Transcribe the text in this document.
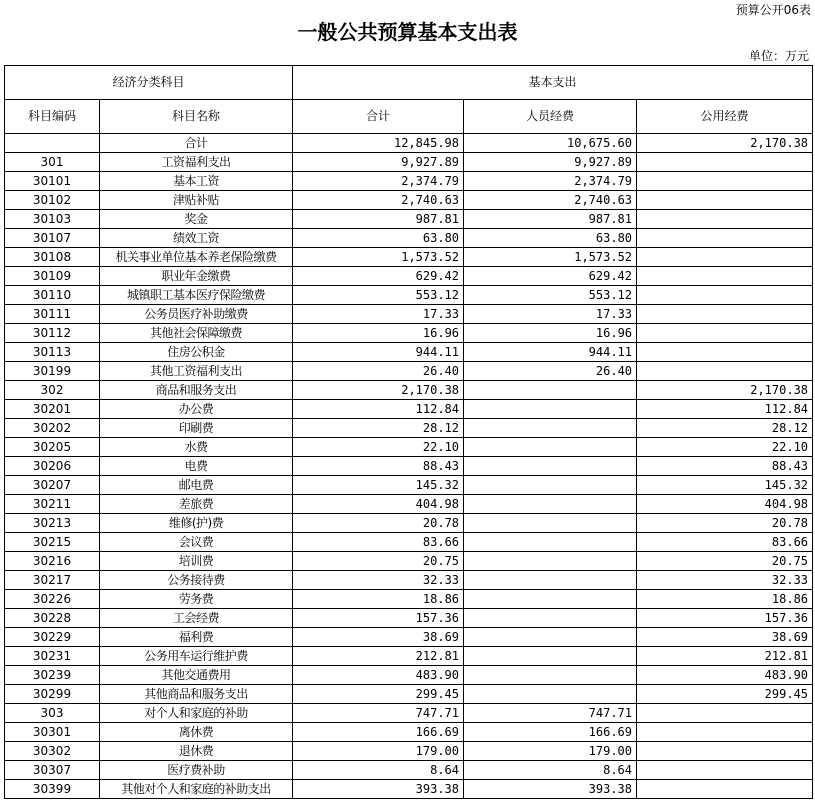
预算公开06表
一般公共预算基本支出表
单位：万元
经济分类科目		基本支出		
科目编码	科目名称	合计	人员经费	公用经费
	合计	12,845.98	10,675.60	2,170.38
301	工资福利支出	9,927.89	9,927.89	
30101	基本工资	2,374.79	2,374.79	
30102	津贴补贴	2,740.63	2,740.63	
30103	奖金	987.81	987.81	
30107	绩效工资	63.80	63.80	
30108	机关事业单位基本养老保险缴费	1,573.52	1,573.52	
30109	职业年金缴费	629.42	629.42	
30110	城镇职工基本医疗保险缴费	553.12	553.12	
30111	公务员医疗补助缴费	17.33	17.33	
30112	其他社会保障缴费	16.96	16.96	
30113	住房公积金	944.11	944.11	
30199	其他工资福利支出	26.40	26.40	
302	商品和服务支出	2,170.38		2,170.38
30201	办公费	112.84		112.84
30202	印刷费	28.12		28.12
30205	水费	22.10		22.10
30206	电费	88.43		88.43
30207	邮电费	145.32		145.32
30211	差旅费	404.98		404.98
30213	维修(护)费	20.78		20.78
30215	会议费	83.66		83.66
30216	培训费	20.75		20.75
30217	公务接待费	32.33		32.33
30226	劳务费	18.86		18.86
30228	工会经费	157.36		157.36
30229	福利费	38.69		38.69
30231	公务用车运行维护费	212.81		212.81
30239	其他交通费用	483.90		483.90
30299	其他商品和服务支出	299.45		299.45
303	对个人和家庭的补助	747.71	747.71	
30301	离休费	166.69	166.69	
30302	退休费	179.00	179.00	
30307	医疗费补助	8.64	8.64	
30399	其他对个人和家庭的补助支出	393.38	393.38	
